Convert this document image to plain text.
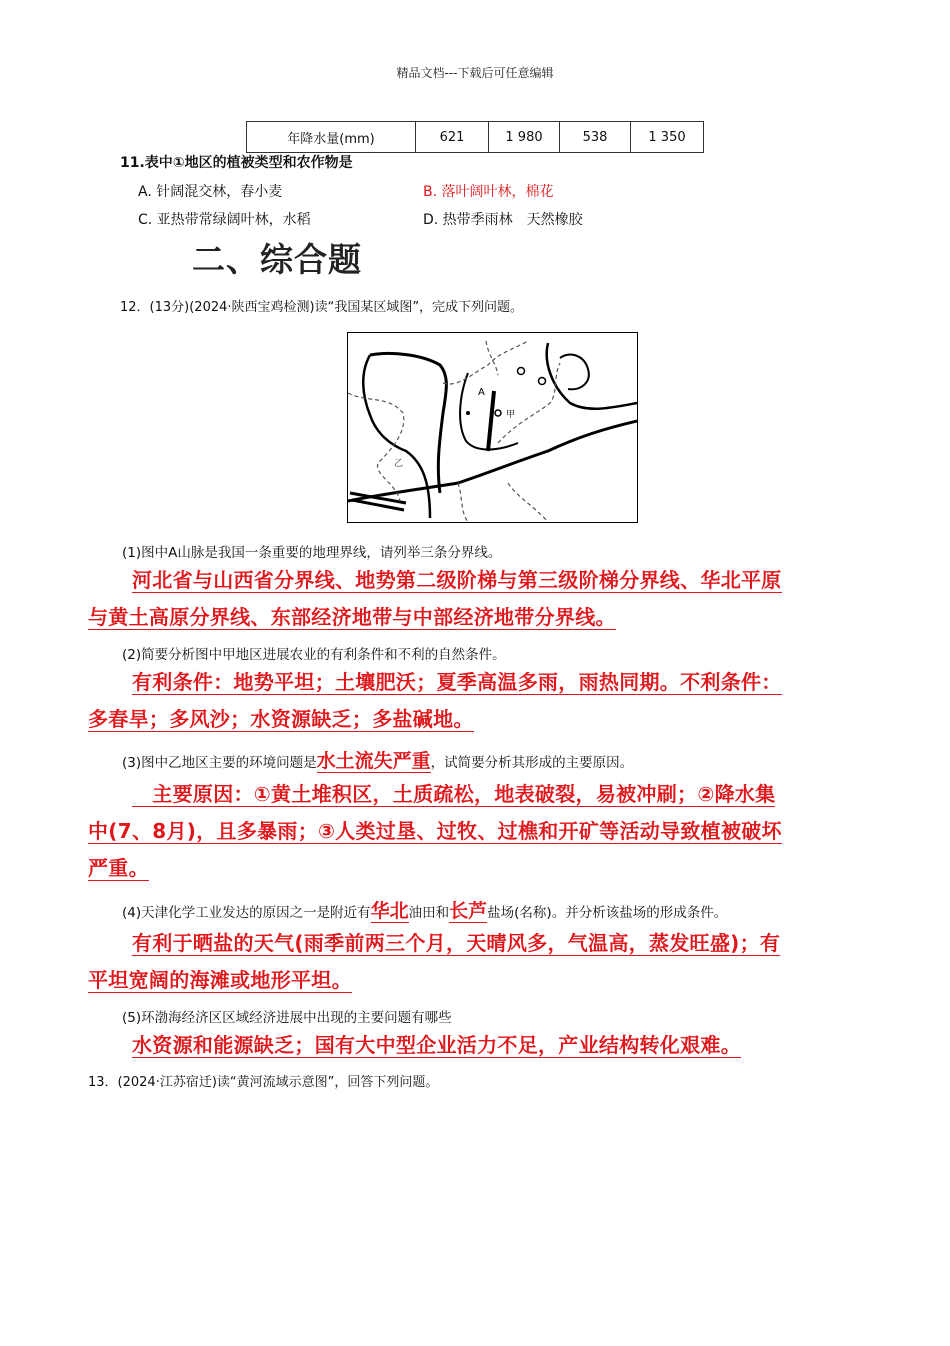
精品文档---下载后可任意编辑
年降水量(mm)	621	1 980	538	1 350
11.表中①地区的植被类型和农作物是
A. 针阔混交林，春小麦	B. 落叶阔叶林，棉花
C. 亚热带常绿阔叶林，水稻	D. 热带季雨林　天然橡胶
二、综合题
12．(13分)(2024·陕西宝鸡检测)读“我国某区域图”，完成下列问题。
A
甲
乙
(1)图中A山脉是我国一条重要的地理界线，请列举三条分界线。
河北省与山西省分界线、地势第二级阶梯与第三级阶梯分界线、华北平原
与黄土高原分界线、东部经济地带与中部经济地带分界线。
(2)简要分析图中甲地区进展农业的有利条件和不利的自然条件。
有利条件：地势平坦；土壤肥沃；夏季高温多雨，雨热同期。不利条件：
多春旱；多风沙；水资源缺乏；多盐碱地。
(3)图中乙地区主要的环境问题是水土流失严重，试简要分析其形成的主要原因。
　主要原因：①黄土堆积区，土质疏松，地表破裂，易被冲刷；②降水集
中(7、8月)，且多暴雨；③人类过垦、过牧、过樵和开矿等活动导致植被破坏
严重。
(4)天津化学工业发达的原因之一是附近有华北油田和长芦盐场(名称)。并分析该盐场的形成条件。
有利于晒盐的天气(雨季前两三个月，天晴风多，气温高，蒸发旺盛)；有
平坦宽阔的海滩或地形平坦。
(5)环渤海经济区区域经济进展中出现的主要问题有哪些
水资源和能源缺乏；国有大中型企业活力不足，产业结构转化艰难。
13．(2024·江苏宿迁)读“黄河流域示意图”，回答下列问题。
